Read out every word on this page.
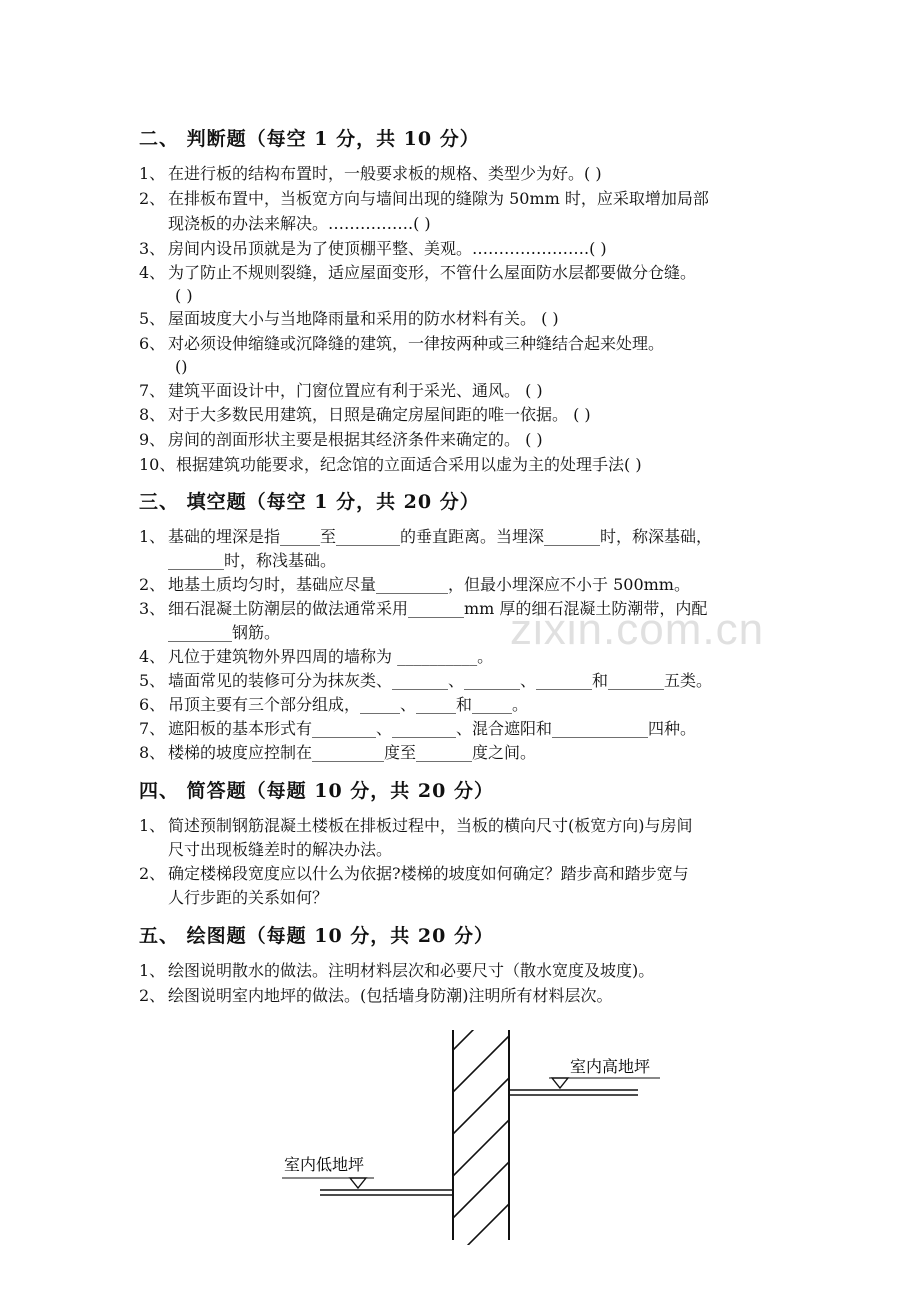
zixin.com.cn
二、 判断题（每空 1 分，共 10 分）
1、 在进行板的结构布置时，一般要求板的规格、类型少为好。( )
2、 在排板布置中，当板宽方向与墙间出现的缝隙为 50mm 时，应采取增加局部
现浇板的办法来解决。…………….( )
3、 房间内设吊顶就是为了使顶棚平整、美观。………………….( )
4、 为了防止不规则裂缝，适应屋面变形，不管什么屋面防水层都要做分仓缝。
( )
5、 屋面坡度大小与当地降雨量和采用的防水材料有关。 ( )
6、 对必须设伸缩缝或沉降缝的建筑，一律按两种或三种缝结合起来处理。
()
7、 建筑平面设计中，门窗位置应有利于采光、通风。 ( )
8、 对于大多数民用建筑，日照是确定房屋间距的唯一依据。 ( )
9、 房间的剖面形状主要是根据其经济条件来确定的。 ( )
10、 根据建筑功能要求，纪念馆的立面适合采用以虚为主的处理手法( )
三、 填空题（每空 1 分，共 20 分）
1、 基础的埋深是指_____至________的垂直距离。当埋深_______时，称深基础，
_______时，称浅基础。
2、 地基土质均匀时，基础应尽量_________，但最小埋深应不小于 500mm。
3、 细石混凝土防潮层的做法通常采用_______mm 厚的细石混凝土防潮带，内配
________钢筋。
4、 凡位于建筑物外界四周的墙称为 __________。
5、 墙面常见的装修可分为抹灰类、_______、_______、_______和_______五类。
6、 吊顶主要有三个部分组成，_____、_____和_____。
7、 遮阳板的基本形式有________、________、混合遮阳和____________四种。
8、 楼梯的坡度应控制在_________度至_______度之间。
四、 简答题（每题 10 分，共 20 分）
1、 简述预制钢筋混凝土楼板在排板过程中，当板的横向尺寸(板宽方向)与房间
尺寸出现板缝差时的解决办法。
2、 确定楼梯段宽度应以什么为依据?楼梯的坡度如何确定？踏步高和踏步宽与
人行步距的关系如何？
五、 绘图题（每题 10 分，共 20 分）
1、 绘图说明散水的做法。注明材料层次和必要尺寸（散水宽度及坡度)。
2、 绘图说明室内地坪的做法。(包括墙身防潮)注明所有材料层次。
室内高地坪
室内低地坪
